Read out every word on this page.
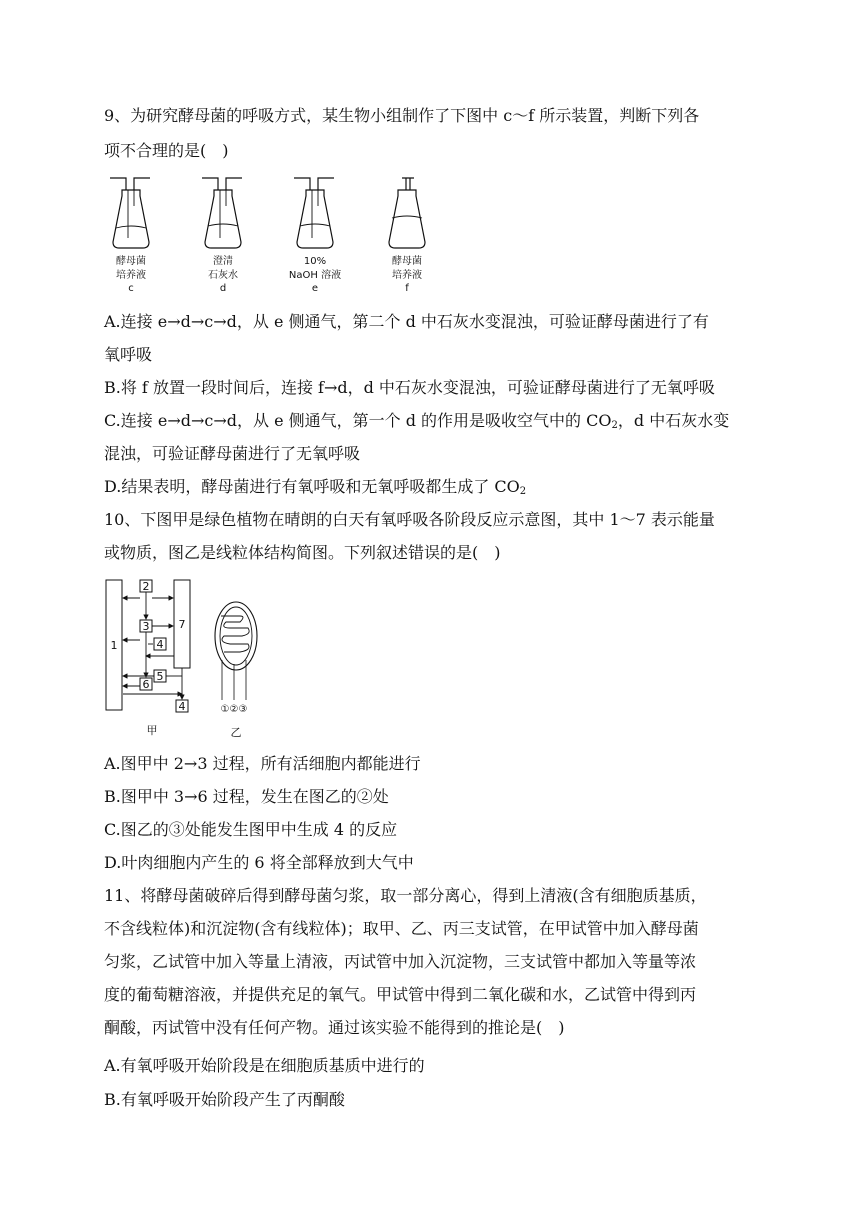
9、为研究酵母菌的呼吸方式，某生物小组制作了下图中 c～f 所示装置，判断下列各
项不合理的是(　)
酵母菌
培养液
c
澄清
石灰水
d
10%
NaOH 溶液
e
酵母菌
培养液
f
A.连接 e→d→c→d，从 e 侧通气，第二个 d 中石灰水变混浊，可验证酵母菌进行了有
氧呼吸
B.将 f 放置一段时间后，连接 f→d，d 中石灰水变混浊，可验证酵母菌进行了无氧呼吸
C.连接 e→d→c→d，从 e 侧通气，第一个 d 的作用是吸收空气中的 $CO_2$，d 中石灰水变
混浊，可验证酵母菌进行了无氧呼吸
D.结果表明，酵母菌进行有氧呼吸和无氧呼吸都生成了 $CO_2$
10、下图甲是绿色植物在晴朗的白天有氧呼吸各阶段反应示意图，其中 1～7 表示能量
或物质，图乙是线粒体结构简图。下列叙述错误的是(　)
1
7
2
3
4
5
6
4
甲
①②③
乙
A.图甲中 2→3 过程，所有活细胞内都能进行
B.图甲中 3→6 过程，发生在图乙的②处
C.图乙的③处能发生图甲中生成 4 的反应
D.叶肉细胞内产生的 6 将全部释放到大气中
11、将酵母菌破碎后得到酵母菌匀浆，取一部分离心，得到上清液(含有细胞质基质，
不含线粒体)和沉淀物(含有线粒体)；取甲、乙、丙三支试管，在甲试管中加入酵母菌
匀浆，乙试管中加入等量上清液，丙试管中加入沉淀物，三支试管中都加入等量等浓
度的葡萄糖溶液，并提供充足的氧气。甲试管中得到二氧化碳和水，乙试管中得到丙
酮酸，丙试管中没有任何产物。通过该实验不能得到的推论是(　)
A.有氧呼吸开始阶段是在细胞质基质中进行的
B.有氧呼吸开始阶段产生了丙酮酸
